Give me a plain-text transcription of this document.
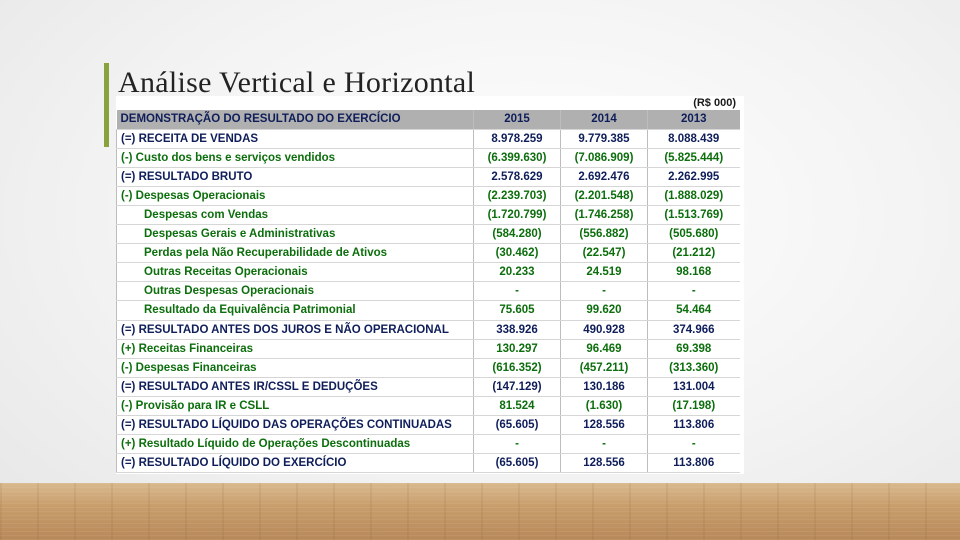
(R$ 000)
DEMONSTRAÇÃO DO RESULTADO DO EXERCÍCIO	2015	2014	2013
(=) RECEITA DE VENDAS	8.978.259	9.779.385	8.088.439
(-) Custo dos bens e serviços vendidos	(6.399.630)	(7.086.909)	(5.825.444)
(=) RESULTADO BRUTO	2.578.629	2.692.476	2.262.995
(-) Despesas Operacionais	(2.239.703)	(2.201.548)	(1.888.029)
Despesas com Vendas	(1.720.799)	(1.746.258)	(1.513.769)
Despesas Gerais e Administrativas	(584.280)	(556.882)	(505.680)
Perdas pela Não Recuperabilidade de Ativos	(30.462)	(22.547)	(21.212)
Outras Receitas Operacionais	20.233	24.519	98.168
Outras Despesas Operacionais	-	-	-
Resultado da Equivalência Patrimonial	75.605	99.620	54.464
(=) RESULTADO ANTES DOS JUROS E NÃO OPERACIONAL	338.926	490.928	374.966
(+) Receitas Financeiras	130.297	96.469	69.398
(-) Despesas Financeiras	(616.352)	(457.211)	(313.360)
(=) RESULTADO ANTES IR/CSSL E DEDUÇÕES	(147.129)	130.186	131.004
(-) Provisão para IR e CSLL	81.524	(1.630)	(17.198)
(=) RESULTADO LÍQUIDO DAS OPERAÇÕES CONTINUADAS	(65.605)	128.556	113.806
(+) Resultado Líquido de Operações Descontinuadas	-	-	-
(=) RESULTADO LÍQUIDO DO EXERCÍCIO	(65.605)	128.556	113.806
Análise Vertical e Horizontal
